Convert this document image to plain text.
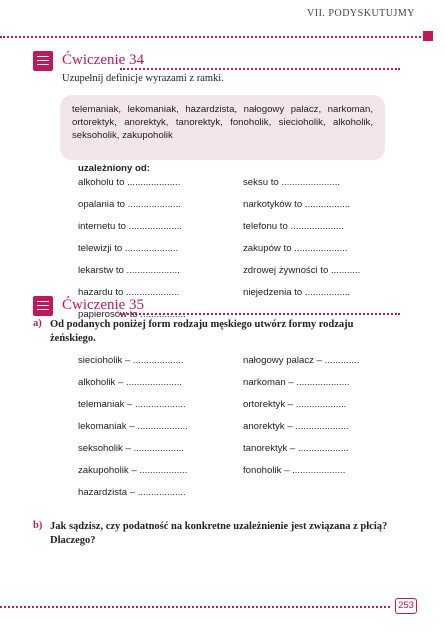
VII. PODYSKUTUJMY
Ćwiczenie 34
Uzupełnij definicje wyrazami z ramki.
telemaniak, lekomaniak, hazardzista, nałogowy palacz, narkoman, ortorektyk, anorektyk, tanorektyk, fonoholik, siecioholik, alkoholik, seksoholik, zakupoholik
uzależniony od:
alkoholu to ....................
opalania to ....................
internetu to ....................
telewizji to ....................
lekarstw to ....................
hazardu to ....................
papierosów to .................
seksu to ......................
narkotyków to .................
telefonu to ....................
zakupów to ....................
zdrowej żywności to ...........
niejedzenia to .................
Ćwiczenie 35
a) Od podanych poniżej form rodzaju męskiego utwórz formy rodzaju żeńskiego.
siecioholik – ...................
alkoholik – .....................
telemaniak – ...................
lekomaniak – ...................
seksoholik – ...................
zakupoholik – ..................
hazardzista – ..................
nałogowy palacz – .............
narkoman – ....................
ortorektyk – ...................
anorektyk – ....................
tanorektyk – ...................
fonoholik – ....................
b) Jak sądzisz, czy podatność na konkretne uzależnienie jest związana z płcią? Dlaczego?
253
